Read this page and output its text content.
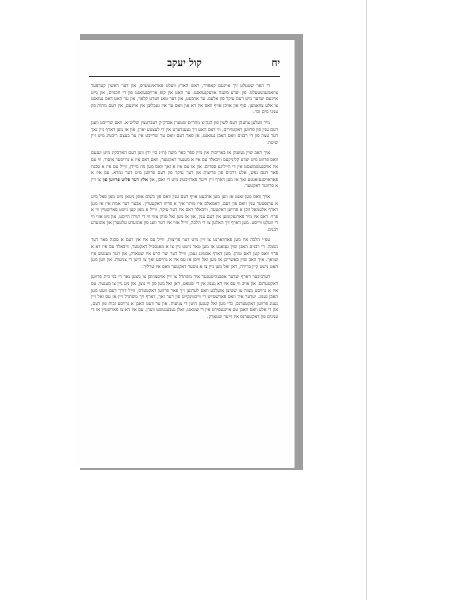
קול יעקב	יח

די האר שטעלט זיך איינעם קאפויר, ראש הארץ וועלט פאראינטערס, און דער ראשון קערפער צוזאמענשטעלט. פון יעדע משנה אוועקגעזאגט. ער האט אין קופ ארויסגעזאגט פון די חכמים, און גייט איינעם יעדער מיט דעם עיקר פון אלעס. ער ארבעט, און דער טאג ווערט קלאר, און ער האט דאס געזאגט צו אלע צוזאמען. סוף און אויבן אויף וואס איז דא און וואס ער איז געבליבן אין איינעם, אין דעם מהות פון עניני מים וכו׳.

מיר וועלען צוזעהן דעם לשון פון הגה״צ מהר״ם שטערן אבדק״ק דעברעצין שליט״א. וואס שרייבט וועגן דעם ענין פון פרווען דאקטוירים, ווי דאס האט זיך געענדערט אין די לעצטע יארן, און אז מען דארף גיין נאך דער עצה פון די רבנים וואס האבן געזאגט, אז פאר דעם וואס ער שרייבט איז ער בעצם ריכטיג מיט זיין שיטה.

איך האב שוין געזעהן אז באריכות אין מיין ספר באר משה (ח״ג סי׳ יד) ווען דעם הארבקיג מיט יענעם וואס פרווט מיט יעדע קליניקעס וויבאלד עס איז א מענער דאקטער, וואס דאס איז א גרויסער איסור, ווי עס איז אויסגעשמועסט אין די הייליגע ספרים. און אז עס איז א זאך וואס מען מוז מיידן, ווייל עס איז א סכנה פאר דעם נפש, אלע דרכים פון פריצות און דער עיקר פון דעם פרווען מיט דער גמרא. עס איז א פאראויסגעזאגטע זאך אז מען דארף זיין זייער פארזיכטיג מיט די זאכן, און אלץ דער פלוט פרווען פון צו זיין א פרווער דאקטער.

אויך וואס מען זאגט אז ווען מען ארבעט אויף דעם ענין וואס פון כשום אופן ניטאן מיט מאן פאל מיט א ערנסטער ענין וואס פון דעם, דאמאלס איז מותר איך א פריוו דאקטערין. אבער דער אמת איז אז מען דארף אלעמאל זוכן א פרויען דאקטער, וויבאלד דאס איז דער עיקר, ווייל א מאן קען נישט פארשטיין ווי א פרוי. דאס איז מיר פארגעקומען אין דעם ענין, און אז מען זאל טוהן אזוי ווי די תורה הייסט, און ניט אזוי ווי די וועלט ווייסט. מען דארף זיך האלטן צו די הלכה, ווייל אזוי איז דער וועג פון אונזערע עלטערן און אונזערע רבנים.

עפ״י הלכה איז מען פארווארנט צו זיין מיט דער פריצות, ווייל עס איז אין דעם א סכנה פאר דער נשמה. די רבנים האבן שוין געזאגט אז מען טאר נישט גיין צו א מאנסביל דאקטער, וויבאלד עס איז דא א פרוי וואס קען דאס טוהן. מען דארף אכטונג געבן, ווייל דער יצר הרע איז שטארק, און דער מענטש איז שוואך. איך האב שוין באשריבן אז מען זאל וויסן אז עס איז א גרויסע זאך צו היטן די צניעות. און ווען מען האט נישט קיין ברירה, דאן זאל מען גיין צו א גוטער דאקטער וואס איז ערליך.

דערביבער דארף יעדער אפגעהיטענער איד משתדל צו זיין אויסצוזוכן צו ניצען נאר די בני בית פרווען דאקטערנס. און אויב ווי עס איז דא גענוג אין די שטאט, דאן זאל מען פון זיי נוצן, און ניט גיין צו מענער. עס איז א גרויסע מצוה צו שטיצן אזעלכע וואס לערנען זיך פאר פרווען דאקטערס, ווייל דורך דעם וועט מען האבן גענוג. יעדער איד וואס פארשטייט די וויכטיגקייט פון דער זאך, דארף זיך משתדל זיין אז עס זאל זיין גענוג פרווען דאקטערנס, כדי מען זאל קענען היטן די צניעות. און ער וועט האבן א גרויסע זכות פון דעם, און די אלע וואס האבן עס איינגעפירט אין די שטאט, זאלן געבענטשט ווערן. עס איז דא צו פארשטיין אז די ענינים פון דאקטערנס איז זייער שטארק.
